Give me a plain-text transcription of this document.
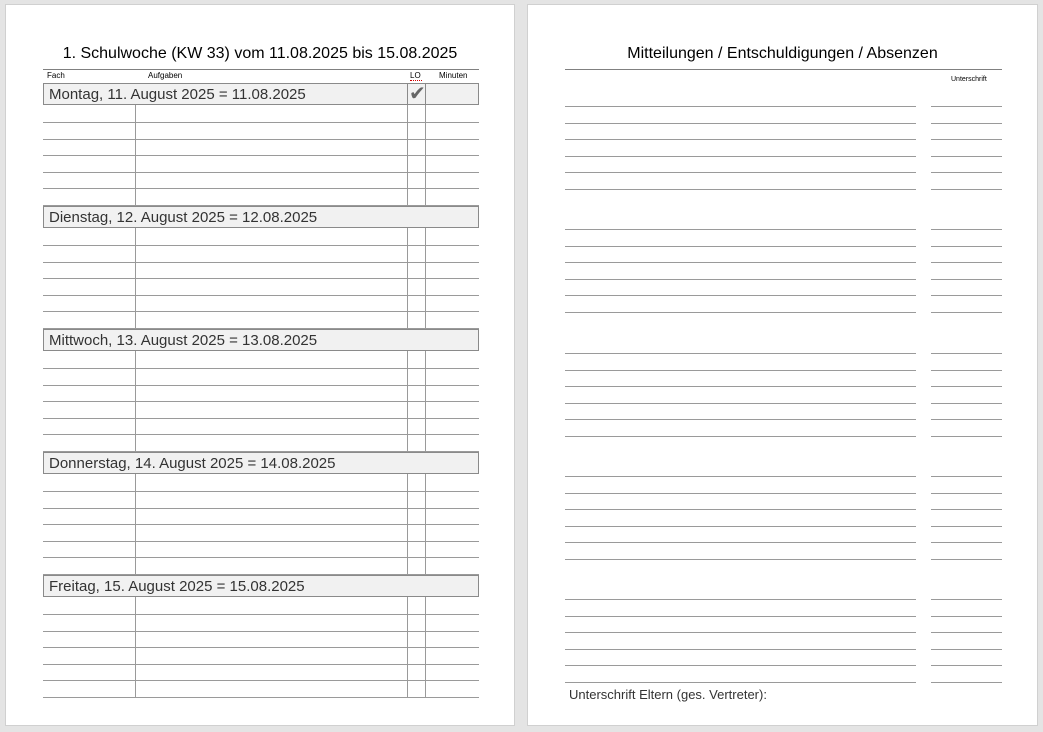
1. Schulwoche (KW 33) vom 11.08.2025 bis 15.08.2025
Fach	Aufgaben	LO Minuten
Montag, 11. August 2025 = 11.08.2025	✔
Dienstag, 12. August 2025 = 12.08.2025
Mittwoch, 13. August 2025 = 13.08.2025
Donnerstag, 14. August 2025 = 14.08.2025
Freitag, 15. August 2025 = 15.08.2025
Mitteilungen / Entschuldigungen / Absenzen
Unterschrift
Unterschrift Eltern (ges. Vertreter):
